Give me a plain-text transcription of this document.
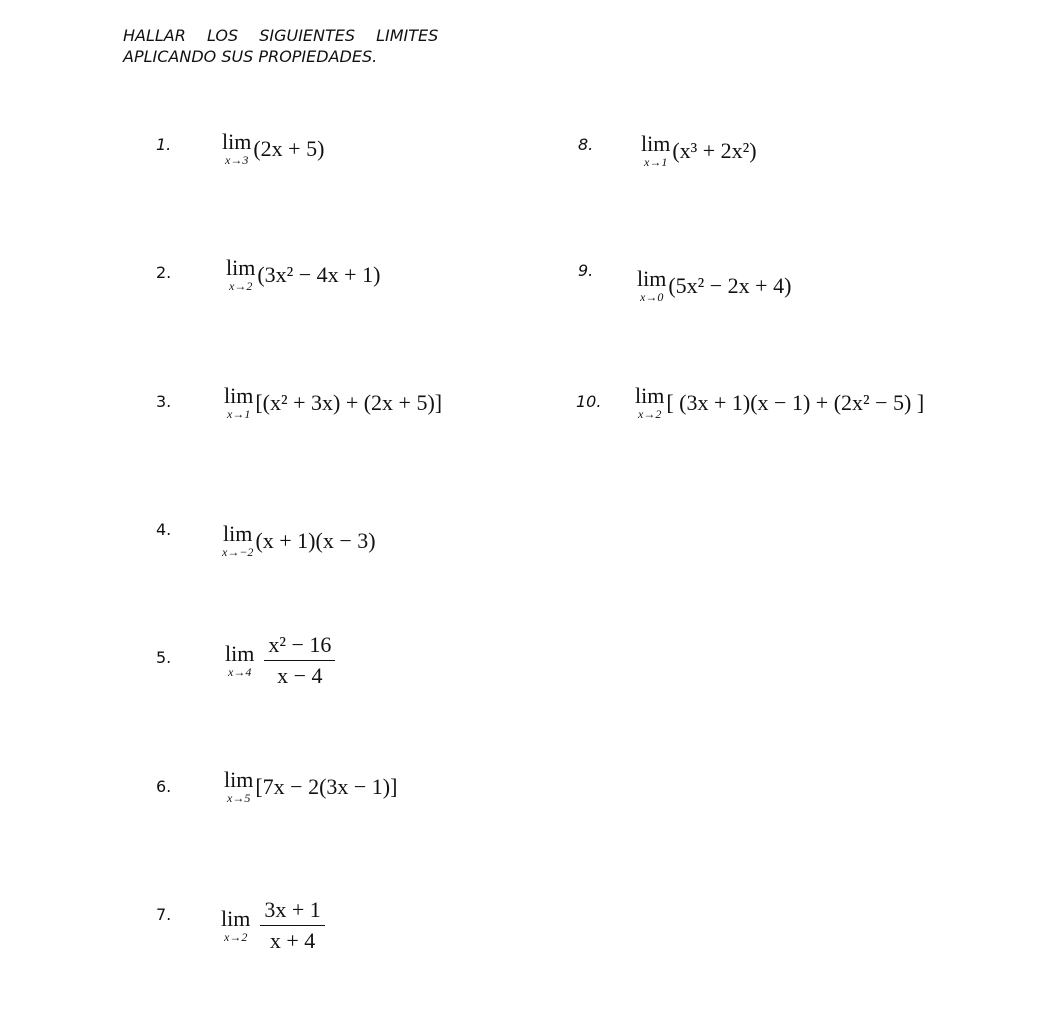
HALLAR LOS SIGUIENTES LIMITES
APLICANDO SUS PROPIEDADES.
1. lim
x→3 (2x + 5)
2. lim
x→2 (3x² − 4x + 1)
3. lim
x→1 [(x² + 3x) + (2x + 5)]
4. lim
x→−2 (x + 1)(x − 3)
5. lim
$x\to 4 \frac{\text{x² − 16}}{x - 4}$
6. lim
x→5 [7x − 2(3x − 1)]
7. lim
$x\to 2 \frac{3x + 1}{x + 4}$
8. lim
x→1 (x³ + 2x²)
9. lim
x→0 (5x² − 2x + 4)
10. lim
x→2 [ (3x + 1)(x − 1) + (2x² − 5) ]
